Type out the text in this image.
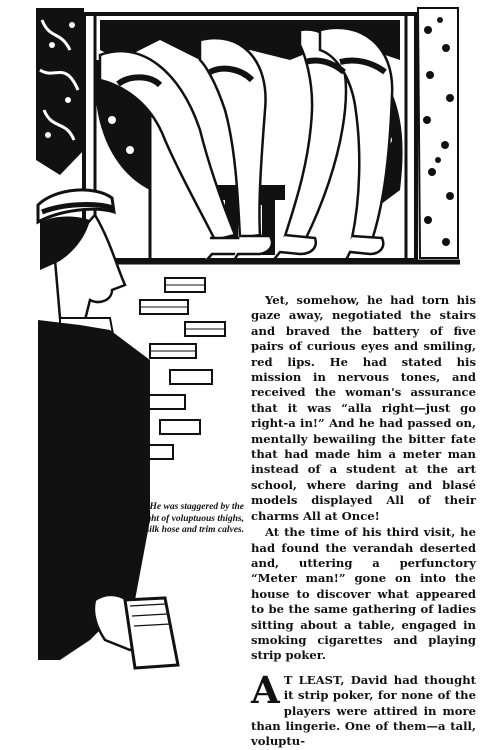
He was staggered by the sight of voluptuous thighs, silk hose and trim calves.

Yet, somehow, he had torn his gaze away, negotiated the stairs and braved the battery of five pairs of curious eyes and smiling, red lips. He had stated his mission in nervous tones, and received the woman's assurance that it was “alla right—just go right-a in!” And he had passed on, mentally bewailing the bitter fate that had made him a meter man instead of a student at the art school, where daring and blasé models displayed All of their charms All at Once!

At the time of his third visit, he had found the verandah deserted and, uttering a perfunctory “Meter man!” gone on into the house to discover what appeared to be the same gathering of ladies sitting about a table, engaged in smoking cigarettes and playing strip poker.

A T LEAST, David had thought it strip poker, for none of the players were attired in more than lingerie. One of them—a tall, voluptu-
